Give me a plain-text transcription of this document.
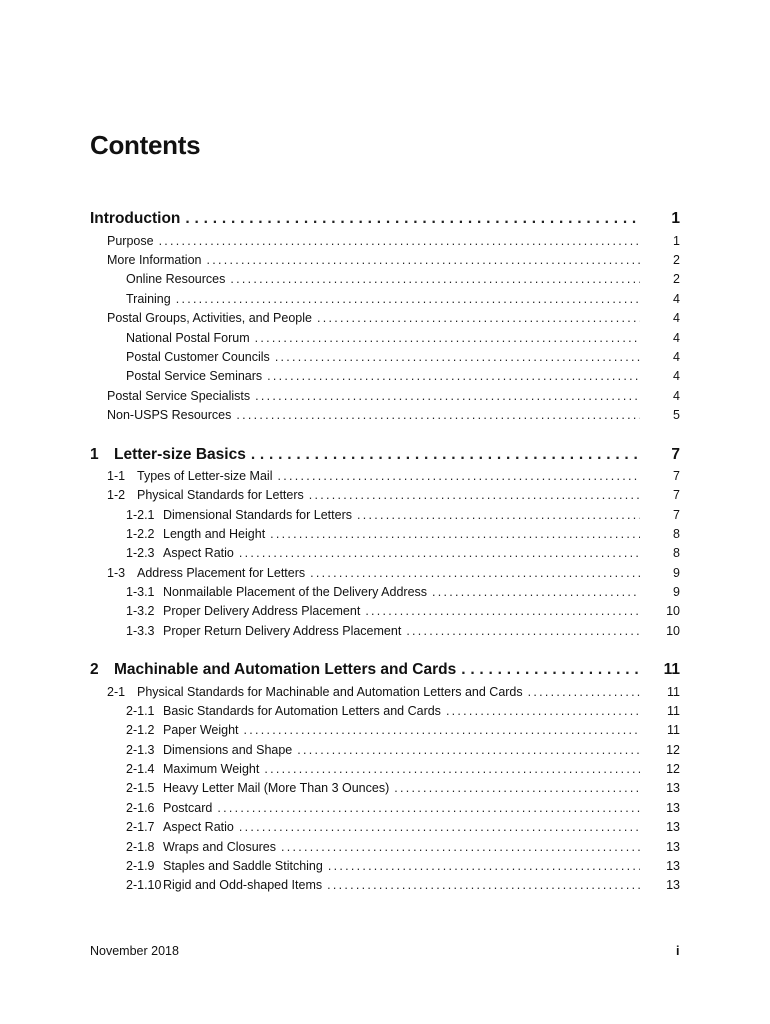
Contents
Introduction . . .	1
Purpose . . .	1
More Information . . .	2
Online Resources . . .	2
Training . . .	4
Postal Groups, Activities, and People . . .	4
National Postal Forum . . .	4
Postal Customer Councils . . .	4
Postal Service Seminars . . .	4
Postal Service Specialists . . .	4
Non-USPS Resources . . .	5
1 Letter-size Basics . . .	7
1-1 Types of Letter-size Mail . . .	7
1-2 Physical Standards for Letters . . .	7
1-2.1 Dimensional Standards for Letters . . .	7
1-2.2 Length and Height . . .	8
1-2.3 Aspect Ratio . . .	8
1-3 Address Placement for Letters . . .	9
1-3.1 Nonmailable Placement of the Delivery Address . . .	9
1-3.2 Proper Delivery Address Placement . . .	10
1-3.3 Proper Return Delivery Address Placement . . .	10
2 Machinable and Automation Letters and Cards . . .	11
2-1 Physical Standards for Machinable and Automation Letters and Cards . . .	11
2-1.1 Basic Standards for Automation Letters and Cards . . .	11
2-1.2 Paper Weight . . .	11
2-1.3 Dimensions and Shape . . .	12
2-1.4 Maximum Weight . . .	12
2-1.5 Heavy Letter Mail (More Than 3 Ounces) . . .	13
2-1.6 Postcard . . .	13
2-1.7 Aspect Ratio . . .	13
2-1.8 Wraps and Closures . . .	13
2-1.9 Staples and Saddle Stitching . . .	13
2-1.10 Rigid and Odd-shaped Items . . .	13
November 2018	i
